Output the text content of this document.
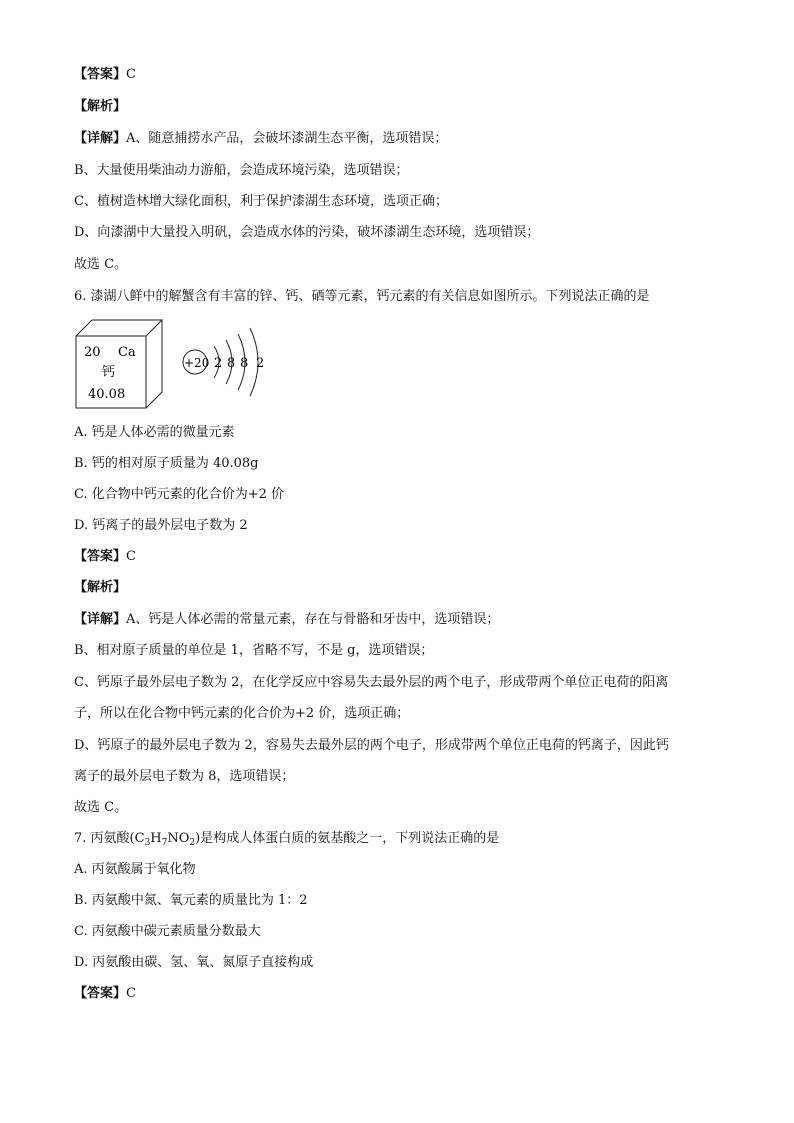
【答案】C
【解析】
【详解】A、随意捕捞水产品，会破坏漆湖生态平衡，选项错误；
B、大量使用柴油动力游船，会造成环境污染，选项错误；
C、植树造林增大绿化面积，利于保护漆湖生态环境，选项正确；
D、向漆湖中大量投入明矾，会造成水体的污染，破坏漆湖生态环境，选项错误；
故选 C。
6. 漆湖八鲜中的解蟹含有丰富的锌、钙、硒等元素，钙元素的有关信息如图所示。下列说法正确的是
20 Ca
钙
40.08
+20 2 8 8 2
A. 钙是人体必需的微量元素
B. 钙的相对原子质量为 40.08g
C. 化合物中钙元素的化合价为+2 价
D. 钙离子的最外层电子数为 2
【答案】C
【解析】
【详解】A、钙是人体必需的常量元素，存在与骨骼和牙齿中，选项错误；
B、相对原子质量的单位是 1，省略不写，不是 g，选项错误；
C、钙原子最外层电子数为 2，在化学反应中容易失去最外层的两个电子，形成带两个单位正电荷的阳离
子，所以在化合物中钙元素的化合价为+2 价，选项正确；
D、钙原子的最外层电子数为 2，容易失去最外层的两个电子，形成带两个单位正电荷的钙离子，因此钙
离子的最外层电子数为 8，选项错误；
故选 C。
7. 丙氨酸$(C_3H_7NO_2)$是构成人体蛋白质的氨基酸之一，下列说法正确的是
A. 丙氨酸属于氧化物
B. 丙氨酸中氮、氧元素的质量比为 1：2
C. 丙氨酸中碳元素质量分数最大
D. 丙氨酸由碳、氢、氧、氮原子直接构成
【答案】C
